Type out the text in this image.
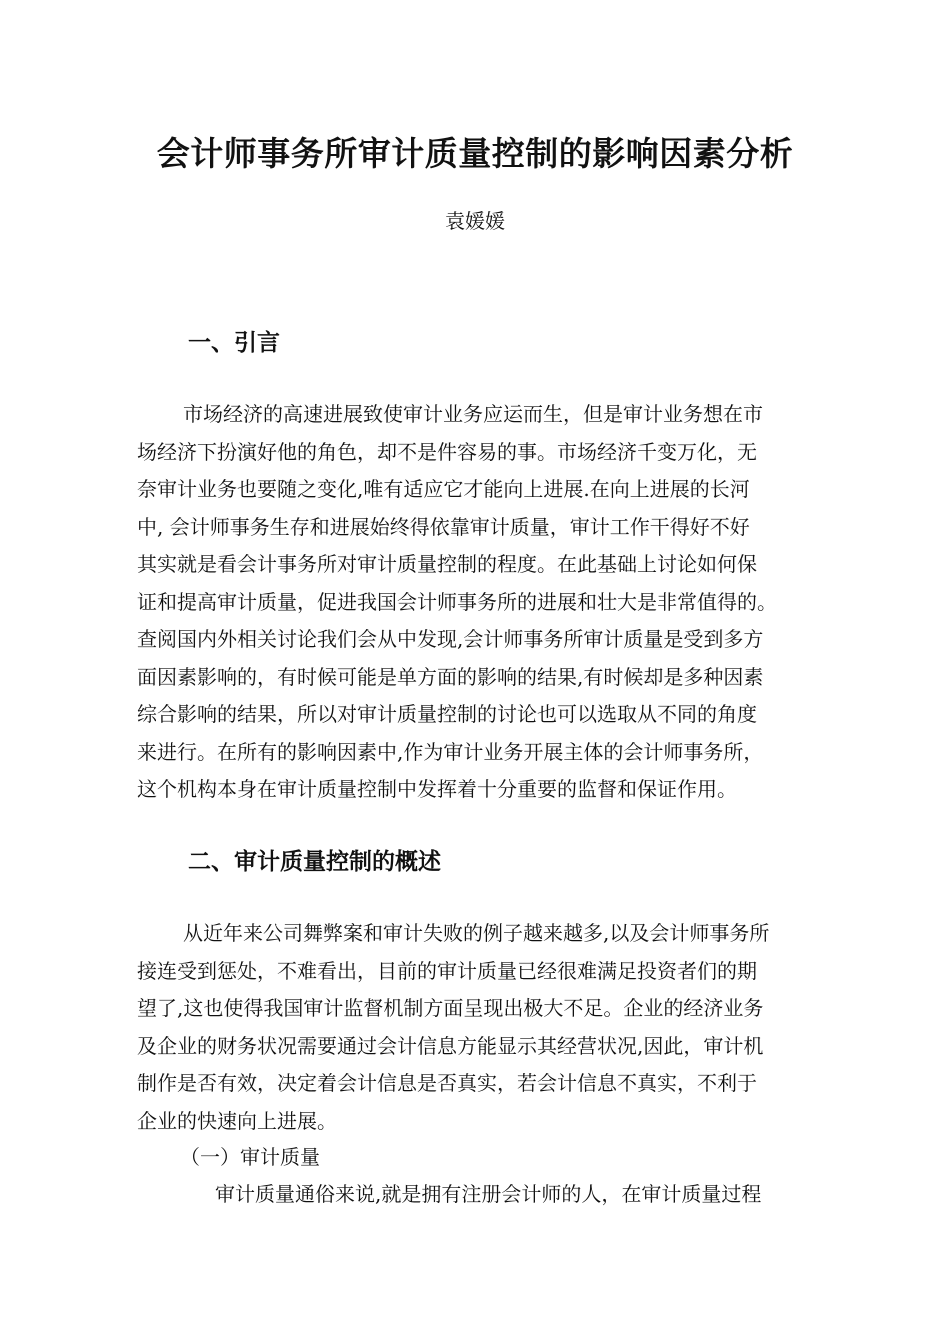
会计师事务所审计质量控制的影响因素分析
袁媛媛
一、引言
市场经济的高速进展致使审计业务应运而生，但是审计业务想在市
场经济下扮演好他的角色，却不是件容易的事。市场经济千变万化，无
奈审计业务也要随之变化,唯有适应它才能向上进展.在向上进展的长河
中, 会计师事务生存和进展始终得依靠审计质量，审计工作干得好不好
其实就是看会计事务所对审计质量控制的程度。在此基础上讨论如何保
证和提高审计质量，促进我国会计师事务所的进展和壮大是非常值得的。
查阅国内外相关讨论我们会从中发现,会计师事务所审计质量是受到多方
面因素影响的，有时候可能是单方面的影响的结果,有时候却是多种因素
综合影响的结果，所以对审计质量控制的讨论也可以选取从不同的角度
来进行。在所有的影响因素中,作为审计业务开展主体的会计师事务所，
这个机构本身在审计质量控制中发挥着十分重要的监督和保证作用。
二、审计质量控制的概述
从近年来公司舞弊案和审计失败的例子越来越多,以及会计师事务所
接连受到惩处，不难看出，目前的审计质量已经很难满足投资者们的期
望了,这也使得我国审计监督机制方面呈现出极大不足。企业的经济业务
及企业的财务状况需要通过会计信息方能显示其经营状况,因此，审计机
制作是否有效，决定着会计信息是否真实，若会计信息不真实，不利于
企业的快速向上进展。
（一）审计质量
审计质量通俗来说,就是拥有注册会计师的人，在审计质量过程
